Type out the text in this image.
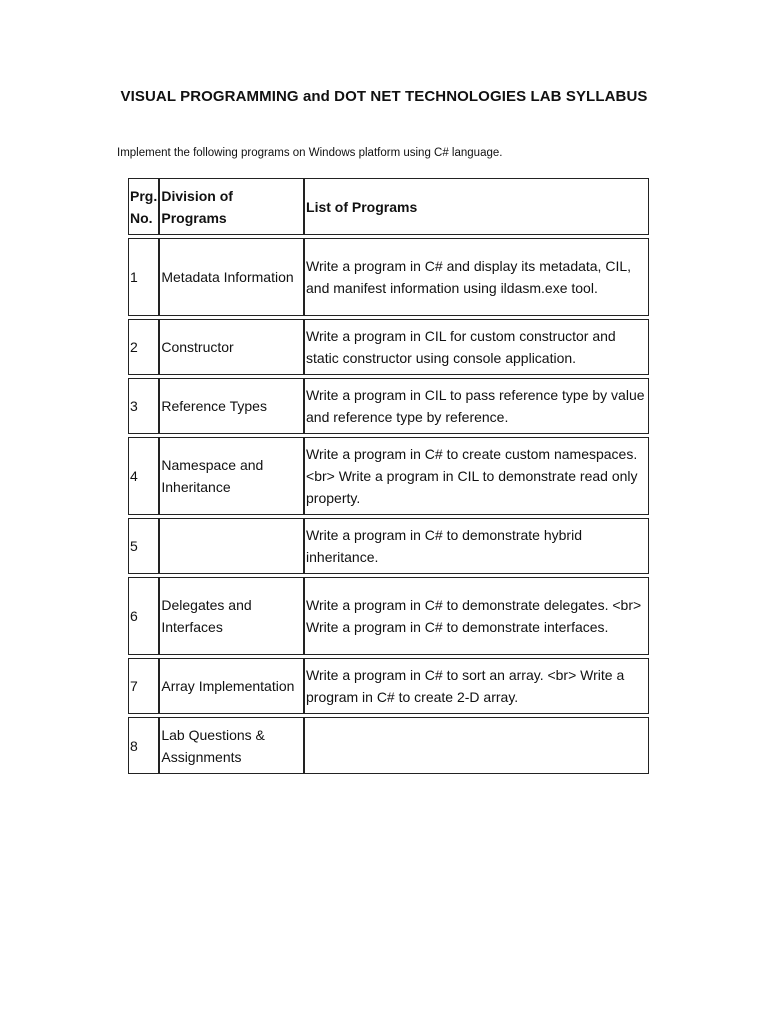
VISUAL PROGRAMMING and DOT NET TECHNOLOGIES LAB SYLLABUS
Implement the following programs on Windows platform using C# language.
Prg. No.	Division of Programs	List of Programs
1	Metadata Information	Write a program in C# and display its metadata, CIL, and manifest information using ildasm.exe tool.
2	Constructor	Write a program in CIL for custom constructor and static constructor using console application.
3	Reference Types	Write a program in CIL to pass reference type by value and reference type by reference.
4	Namespace and Inheritance	Write a program in C# to create custom namespaces. <br> Write a program in CIL to demonstrate read only property.
5		Write a program in C# to demonstrate hybrid inheritance.
6	Delegates and Interfaces	Write a program in C# to demonstrate delegates. <br> Write a program in C# to demonstrate interfaces.
7	Array Implementation	Write a program in C# to sort an array. <br> Write a program in C# to create 2-D array.
8	Lab Questions & Assignments	
